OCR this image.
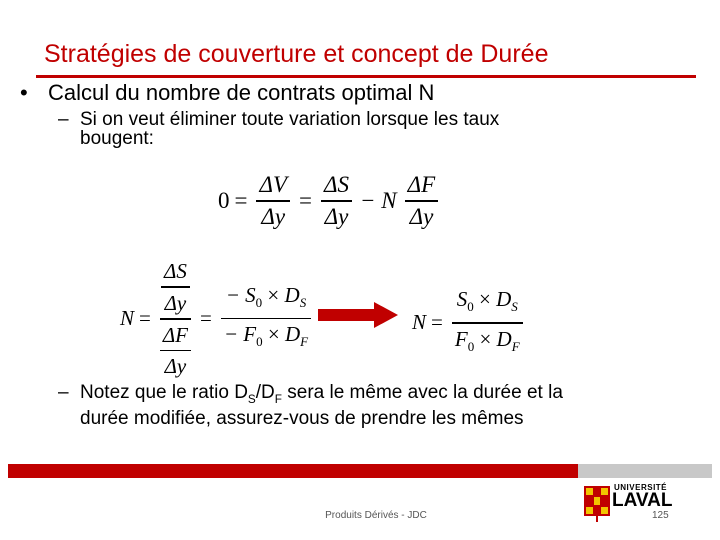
Stratégies de couverture et concept de Durée
• Calcul du nombre de contrats optimal N
– Si on veut éliminer toute variation lorsque les taux
bougent:
$0 = \frac{\Delta V}{\Delta y} = \frac{\Delta S}{\Delta y} - N \frac{\Delta F}{\Delta y}$
$N = \frac{\frac{\Delta S}{\Delta y}}{\frac{\Delta F}{\Delta y}} = \frac{- S_0 \times D_S}{- F_0 \times D_F}$	$N = \frac{S_0 \times D_S}{F_0 \times D_F}$
– Notez que le ratio $D_S/D_F$ sera le même avec la durée et la
durée modifiée, assurez-vous de prendre les mêmes
UNIVERSITÉ
LAVAL
Produits Dérivés - JDC	125
